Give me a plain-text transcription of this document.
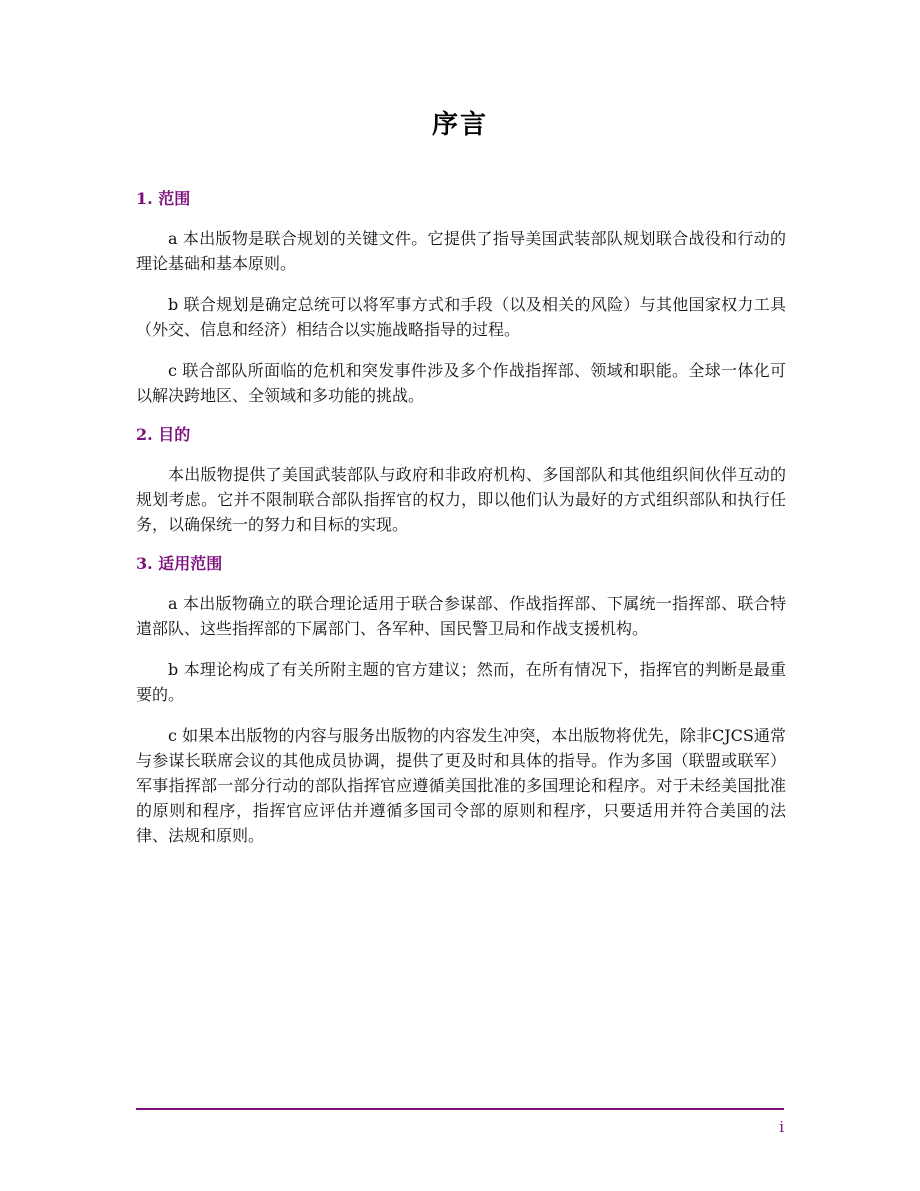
序言
1. 范围

a 本出版物是联合规划的关键文件。它提供了指导美国武装部队规划联合战役和行动的理论基础和基本原则。

b 联合规划是确定总统可以将军事方式和手段（以及相关的风险）与其他国家权力工具（外交、信息和经济）相结合以实施战略指导的过程。

c 联合部队所面临的危机和突发事件涉及多个作战指挥部、领域和职能。全球一体化可以解决跨地区、全领域和多功能的挑战。

2. 目的

本出版物提供了美国武装部队与政府和非政府机构、多国部队和其他组织间伙伴互动的规划考虑。它并不限制联合部队指挥官的权力，即以他们认为最好的方式组织部队和执行任务，以确保统一的努力和目标的实现。

3. 适用范围

a 本出版物确立的联合理论适用于联合参谋部、作战指挥部、下属统一指挥部、联合特遣部队、这些指挥部的下属部门、各军种、国民警卫局和作战支援机构。

b 本理论构成了有关所附主题的官方建议；然而，在所有情况下，指挥官的判断是最重要的。

c 如果本出版物的内容与服务出版物的内容发生冲突，本出版物将优先，除非CJCS通常与参谋长联席会议的其他成员协调，提供了更及时和具体的指导。作为多国（联盟或联军）军事指挥部一部分行动的部队指挥官应遵循美国批准的多国理论和程序。对于未经美国批准的原则和程序，指挥官应评估并遵循多国司令部的原则和程序，只要适用并符合美国的法律、法规和原则。

i
